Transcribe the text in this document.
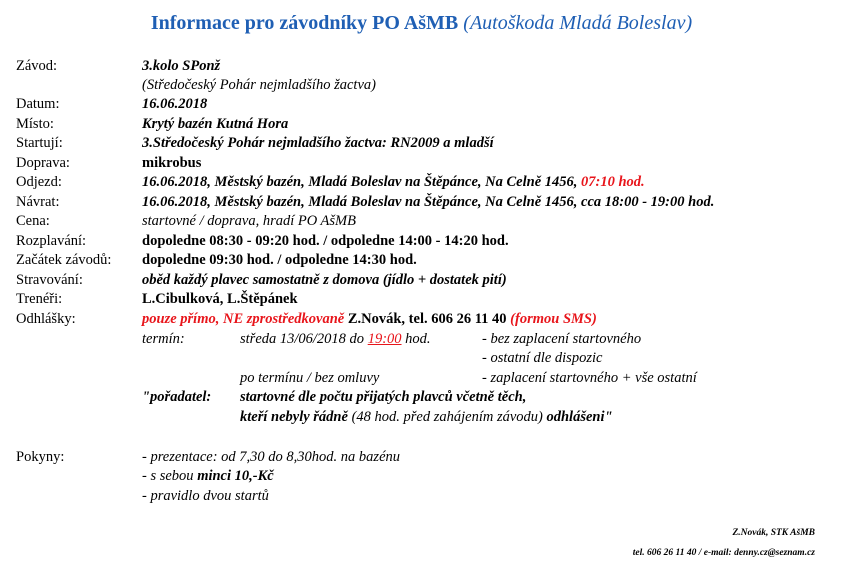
Informace pro závodníky PO AšMB (Autoškoda Mladá Boleslav)
Závod:	3.kolo SPonž
(Středočeský Pohár nejmladšího žactva)
Datum:	16.06.2018
Místo:	Krytý bazén Kutná Hora
Startují:	3.Středočeský Pohár nejmladšího žactva: RN2009 a mladší
Doprava:	mikrobus
Odjezd:	16.06.2018, Městský bazén, Mladá Boleslav na Štěpánce, Na Celně 1456, 07:10 hod.
Návrat:	16.06.2018, Městský bazén, Mladá Boleslav na Štěpánce, Na Celně 1456, cca 18:00 - 19:00 hod.
Cena:	startovné / doprava, hradí PO AšMB
Rozplavání:	dopoledne 08:30 - 09:20 hod. / odpoledne 14:00 - 14:20 hod.
Začátek závodů: dopoledne 09:30 hod. / odpoledne 14:30 hod.
Stravování:	oběd každý plavec samostatně z domova (jídlo + dostatek pití)
Trenéři:	L.Cibulková, L.Štěpánek
Odhlášky:	pouze přímo, NE zprostředkovaně Z.Novák, tel. 606 26 11 40 (formou SMS)
termín:	středa 13/06/2018 do 19:00 hod.	- bez zaplacení startovného
- ostatní dle dispozic
po termínu / bez omluvy	- zaplacení startovného + vše ostatní
"pořadatel: startovné dle počtu přijatých plavců včetně těch,
kteří nebyly řádně (48 hod. před zahájením závodu) odhlášeni"
Pokyny:	- prezentace: od 7,30 do 8,30hod. na bazénu
- s sebou minci 10,-Kč
- pravidlo dvou startů
Z.Novák, STK AšMB
tel. 606 26 11 40 / e-mail: denny.cz@seznam.cz
